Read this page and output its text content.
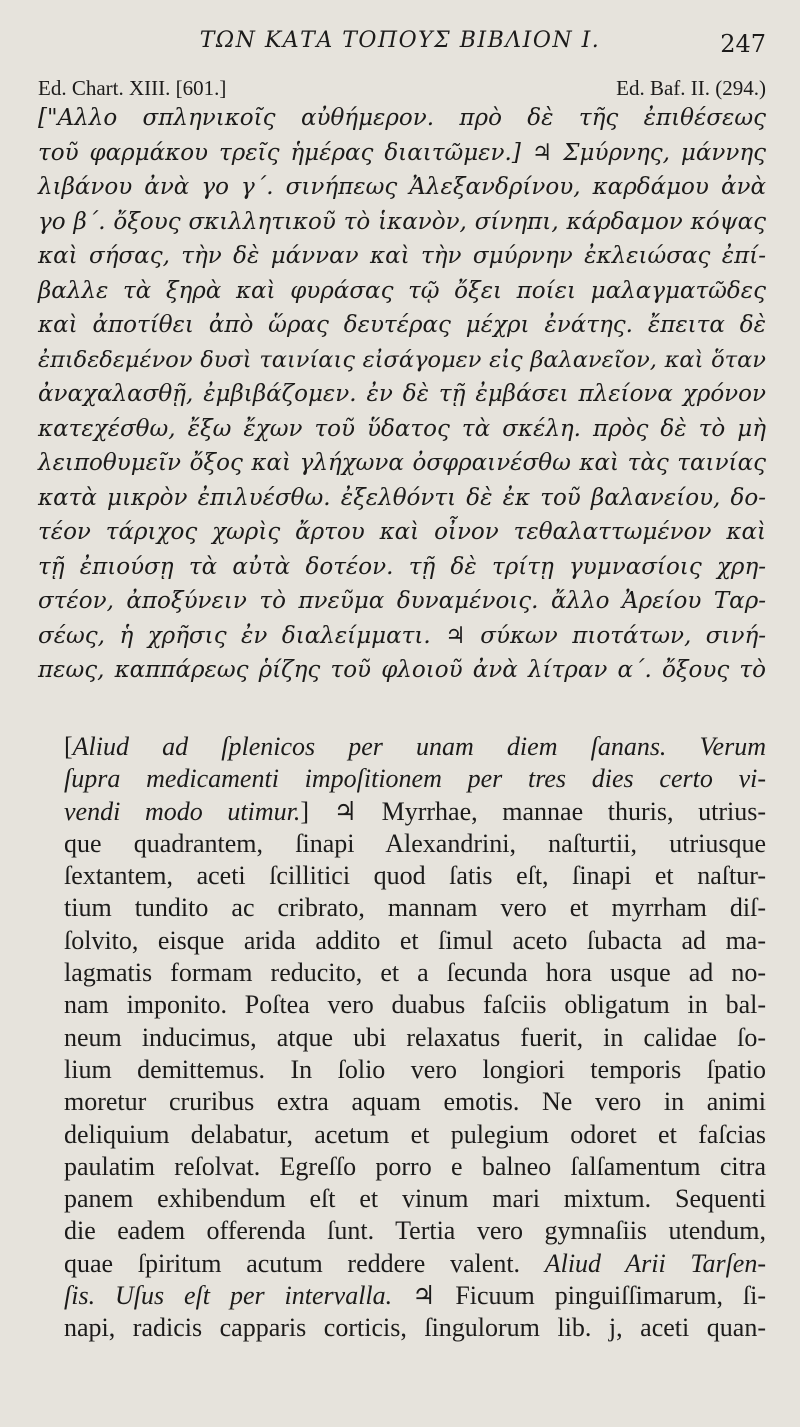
ΤΩΝ ΚΑΤΑ ΤΟΠΟΥΣ ΒΙΒΛΙΟΝ I.	247
Ed. Chart. XIII. [601.]	Ed. Baf. II. (294.)
["Αλλο σπληνικοῖς αὐθήμερον. πρὸ δὲ τῆς ἐπιθέσεως
τοῦ φαρμάκου τρεῖς ἡμέρας διαιτῶμεν.] ♃ Σμύρνης, μάννης
λιβάνου ἀνὰ γο γ΄. σινήπεως Ἀλεξανδρίνου, καρδάμου ἀνὰ
γο β΄. ὄξους σκιλλητικοῦ τὸ ἱκανὸν, σίνηπι, κάρδαμον κόψας
καὶ σήσας, τὴν δὲ μάνναν καὶ τὴν σμύρνην ἐκλειώσας ἐπί-
βαλλε τὰ ξηρὰ καὶ φυράσας τῷ ὄξει ποίει μαλαγματῶδες
καὶ ἀποτίθει ἀπὸ ὥρας δευτέρας μέχρι ἐνάτης. ἔπειτα δὲ
ἐπιδεδεμένον δυσὶ ταινίαις εἰσάγομεν εἰς βαλανεῖον, καὶ ὅταν
ἀναχαλασθῇ, ἐμβιβάζομεν. ἐν δὲ τῇ ἐμβάσει πλείονα χρόνον
κατεχέσθω, ἔξω ἔχων τοῦ ὕδατος τὰ σκέλη. πρὸς δὲ τὸ μὴ
λειποθυμεῖν ὄξος καὶ γλήχωνα ὀσφραινέσθω καὶ τὰς ταινίας
κατὰ μικρὸν ἐπιλυέσθω. ἐξελθόντι δὲ ἐκ τοῦ βαλανείου, δο-
τέον τάριχος χωρὶς ἄρτου καὶ οἶνον τεθαλαττωμένον καὶ
τῇ ἐπιούσῃ τὰ αὐτὰ δοτέον. τῇ δὲ τρίτῃ γυμνασίοις χρη-
στέον, ἀποξύνειν τὸ πνεῦμα δυναμένοις. ἄλλο Ἀρείου Ταρ-
σέως, ἡ χρῆσις ἐν διαλείμματι. ♃ σύκων πιοτάτων, σινή-
πεως, καππάρεως ῥίζης τοῦ φλοιοῦ ἀνὰ λίτραν α΄. ὄξους τὸ
[Aliud ad ſplenicos per unam diem ſanans. Verum
ſupra medicamenti impoſitionem per tres dies certo vi-
vendi modo utimur.] ♃ Myrrhae, mannae thuris, utrius-
que quadrantem, ſinapi Alexandrini, naſturtii, utriusque
ſextantem, aceti ſcillitici quod ſatis eſt, ſinapi et naſtur-
tium tundito ac cribrato, mannam vero et myrrham diſ-
ſolvito, eisque arida addito et ſimul aceto ſubacta ad ma-
lagmatis formam reducito, et a ſecunda hora usque ad no-
nam imponito. Poſtea vero duabus faſciis obligatum in bal-
neum inducimus, atque ubi relaxatus fuerit, in calidae ſo-
lium demittemus. In ſolio vero longiori temporis ſpatio
moretur cruribus extra aquam emotis. Ne vero in animi
deliquium delabatur, acetum et pulegium odoret et faſcias
paulatim reſolvat. Egreſſo porro e balneo ſalſamentum citra
panem exhibendum eſt et vinum mari mixtum. Sequenti
die eadem offerenda ſunt. Tertia vero gymnaſiis utendum,
quae ſpiritum acutum reddere valent. Aliud Arii Tarſen-
ſis. Uſus eſt per intervalla. ♃ Ficuum pinguiſſimarum, ſi-
napi, radicis capparis corticis, ſingulorum lib. j, aceti quan-
